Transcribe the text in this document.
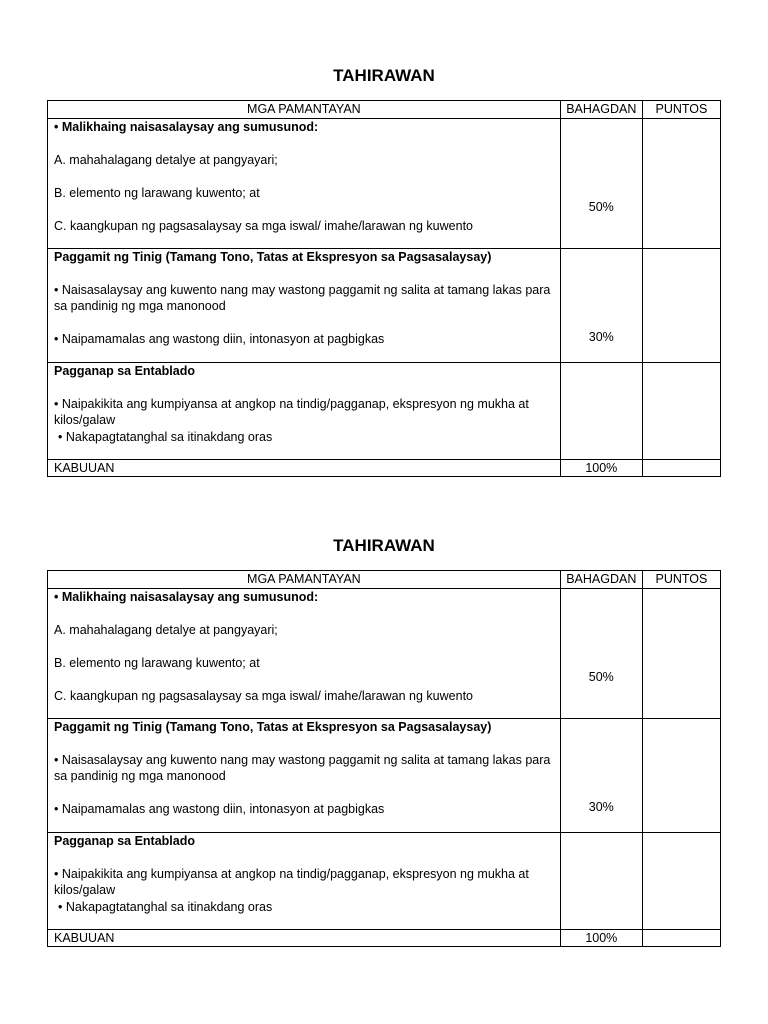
TAHIRAWAN
MGA PAMANTAYAN	BAHAGDAN	PUNTOS

• Malikhaing naisasalaysay ang sumusunod:

A. mahahalagang detalye at pangyayari;

B. elemento ng larawang kuwento; at

C. kaangkupan ng pagsasalaysay sa mga iswal/ imahe/larawan ng kuwento	50%	

Paggamit ng Tinig (Tamang Tono, Tatas at Ekspresyon sa Pagsasalaysay)

• Naisasalaysay ang kuwento nang may wastong paggamit ng salita at tamang lakas para sa pandinig ng mga manonood

• Naipamamalas ang wastong diin, intonasyon at pagbigkas	30%	

Pagganap sa Entablado

• Naipakikita ang kumpiyansa at angkop na tindig/pagganap, ekspresyon ng mukha at kilos/galaw

• Nakapagtatanghal sa itinakdang oras		

KABUUAN	100%	
TAHIRAWAN
MGA PAMANTAYAN	BAHAGDAN	PUNTOS

• Malikhaing naisasalaysay ang sumusunod:

A. mahahalagang detalye at pangyayari;

B. elemento ng larawang kuwento; at

C. kaangkupan ng pagsasalaysay sa mga iswal/ imahe/larawan ng kuwento	50%	

Paggamit ng Tinig (Tamang Tono, Tatas at Ekspresyon sa Pagsasalaysay)

• Naisasalaysay ang kuwento nang may wastong paggamit ng salita at tamang lakas para sa pandinig ng mga manonood

• Naipamamalas ang wastong diin, intonasyon at pagbigkas	30%	

Pagganap sa Entablado

• Naipakikita ang kumpiyansa at angkop na tindig/pagganap, ekspresyon ng mukha at kilos/galaw

• Nakapagtatanghal sa itinakdang oras		

KABUUAN	100%	
